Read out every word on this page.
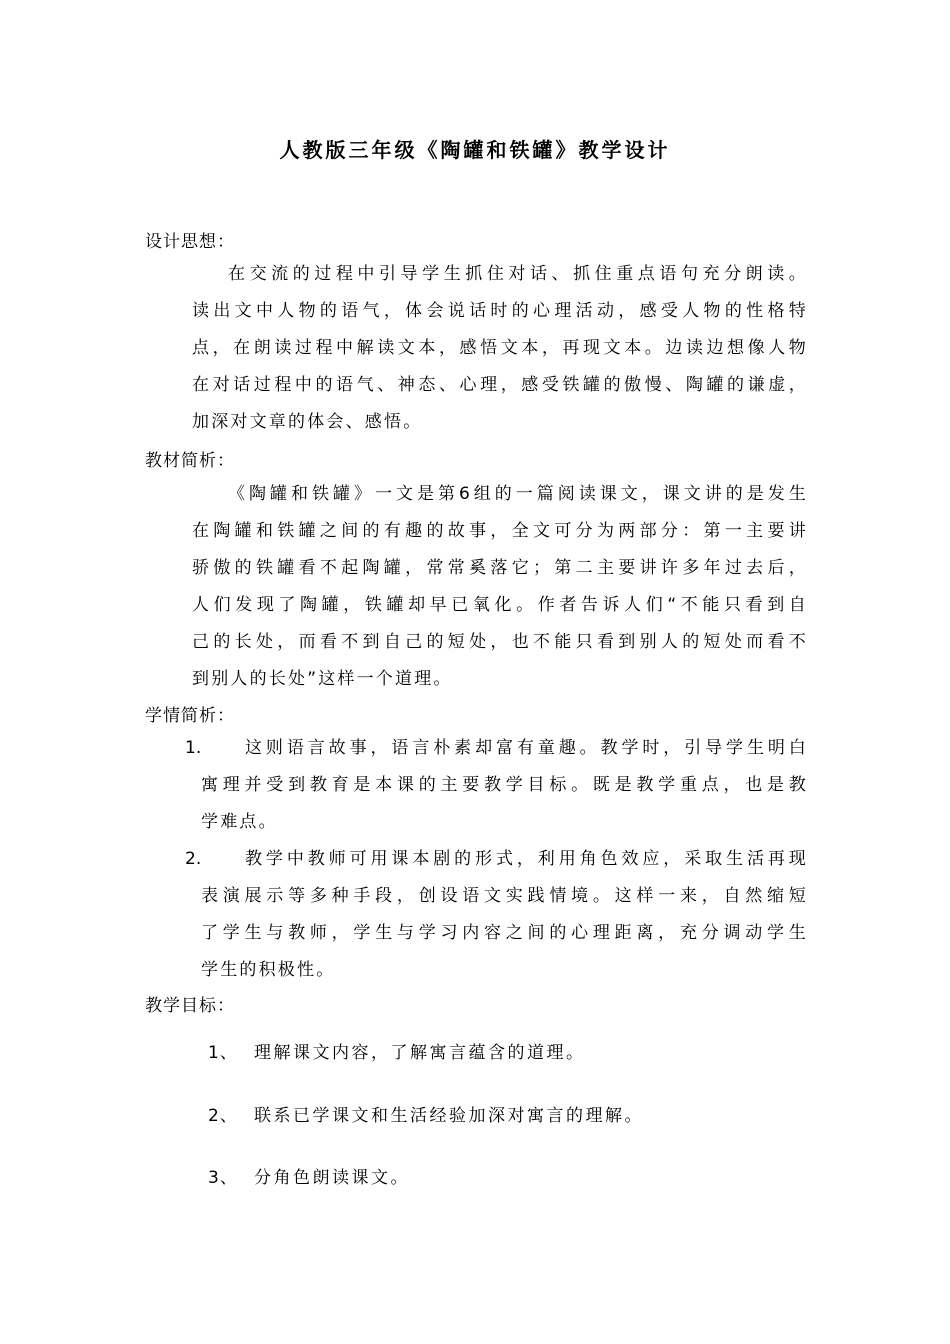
人教版三年级《陶罐和铁罐》教学设计
设计思想：
在交流的过程中引导学生抓住对话、抓住重点语句充分朗读。
读出文中人物的语气，体会说话时的心理活动，感受人物的性格特
点，在朗读过程中解读文本，感悟文本，再现文本。边读边想像人物
在对话过程中的语气、神态、心理，感受铁罐的傲慢、陶罐的谦虚，
加深对文章的体会、感悟。
教材简析：
《陶罐和铁罐》一文是第6组的一篇阅读课文，课文讲的是发生
在陶罐和铁罐之间的有趣的故事，全文可分为两部分：第一主要讲
骄傲的铁罐看不起陶罐，常常奚落它；第二主要讲许多年过去后，
人们发现了陶罐，铁罐却早已氧化。作者告诉人们“不能只看到自
己的长处，而看不到自己的短处，也不能只看到别人的短处而看不
到别人的长处”这样一个道理。
学情简析：
1.	这则语言故事，语言朴素却富有童趣。教学时，引导学生明白
寓理并受到教育是本课的主要教学目标。既是教学重点，也是教
学难点。
2.	教学中教师可用课本剧的形式，利用角色效应，采取生活再现
表演展示等多种手段，创设语文实践情境。这样一来，自然缩短
了学生与教师，学生与学习内容之间的心理距离，充分调动学生
学生的积极性。
教学目标：
1、 理解课文内容，了解寓言蕴含的道理。
2、 联系已学课文和生活经验加深对寓言的理解。
3、 分角色朗读课文。
